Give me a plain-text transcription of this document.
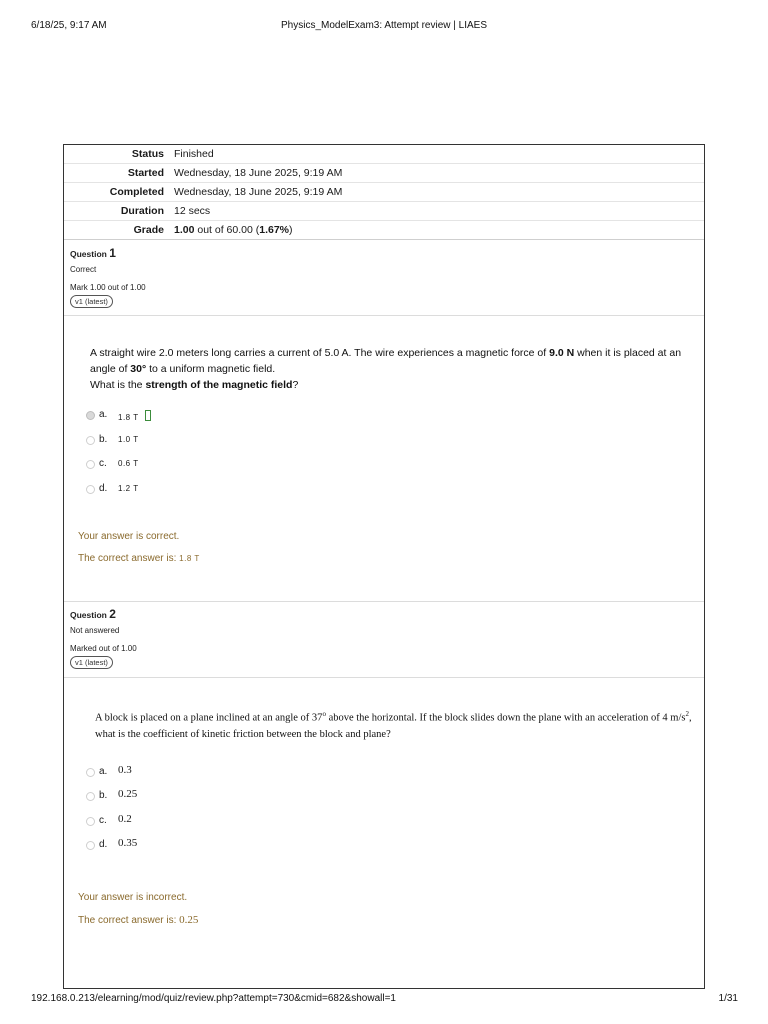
6/18/25, 9:17 AM	Physics_ModelExam3: Attempt review | LIAES
Status	Finished
Started	Wednesday, 18 June 2025, 9:19 AM
Completed	Wednesday, 18 June 2025, 9:19 AM
Duration	12 secs
Grade	1.00 out of 60.00 (1.67%)
Question 1
Correct
Mark 1.00 out of 1.00
v1 (latest)
A straight wire 2.0 meters long carries a current of 5.0 A. The wire experiences a magnetic force of 9.0 N when it is placed at an angle of 30° to a uniform magnetic field.
What is the strength of the magnetic field?
a. 1.8 T
b. 1.0 T
c. 0.6 T
d. 1.2 T
Your answer is correct.
The correct answer is: 1.8 T
Question 2
Not answered
Marked out of 1.00
v1 (latest)
A block is placed on a plane inclined at an angle of 37$^o$ above the horizontal. If the block slides down the plane with an acceleration of 4 $m/s^2$, what is the coefficient of kinetic friction between the block and plane?
a. 0.3
b. 0.25
c. 0.2
d. 0.35
Your answer is incorrect.
The correct answer is: 0.25
192.168.0.213/elearning/mod/quiz/review.php?attempt=730&cmid=682&showall=1	1/31
